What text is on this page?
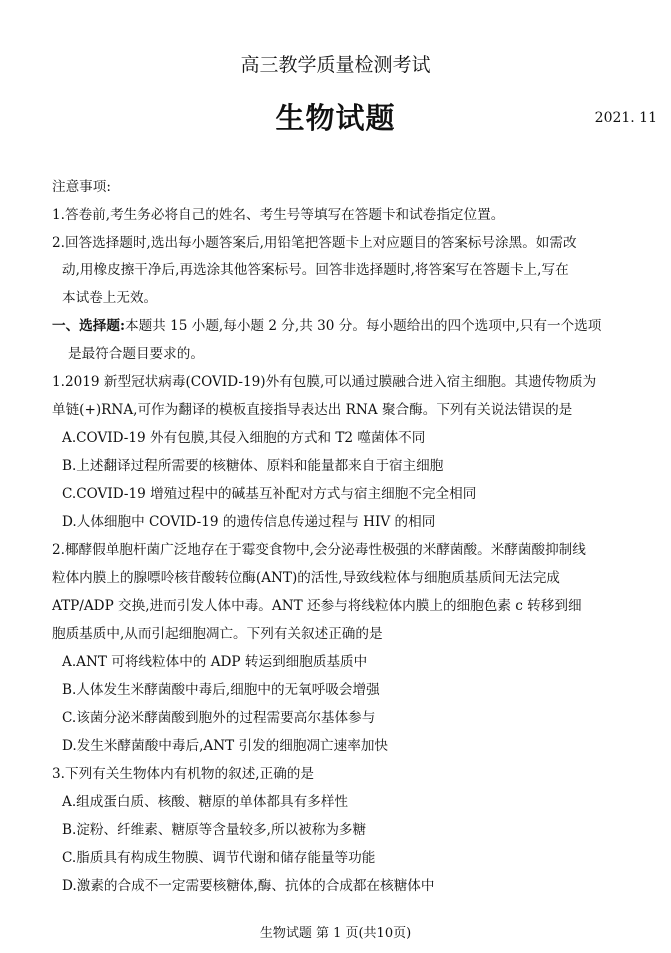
高三教学质量检测考试
生物试题	2021. 11
注意事项:
1.答卷前,考生务必将自己的姓名、考生号等填写在答题卡和试卷指定位置。
2.回答选择题时,选出每小题答案后,用铅笔把答题卡上对应题目的答案标号涂黑。如需改
动,用橡皮擦干净后,再选涂其他答案标号。回答非选择题时,将答案写在答题卡上,写在
本试卷上无效。
一、选择题:本题共 15 小题,每小题 2 分,共 30 分。每小题给出的四个选项中,只有一个选项
是最符合题目要求的。
1.2019 新型冠状病毒(COVID-19)外有包膜,可以通过膜融合进入宿主细胞。其遗传物质为
单链(+)RNA,可作为翻译的模板直接指导表达出 RNA 聚合酶。下列有关说法错误的是
A.COVID-19 外有包膜,其侵入细胞的方式和 T2 噬菌体不同
B.上述翻译过程所需要的核糖体、原料和能量都来自于宿主细胞
C.COVID-19 增殖过程中的碱基互补配对方式与宿主细胞不完全相同
D.人体细胞中 COVID-19 的遗传信息传递过程与 HIV 的相同
2.椰酵假单胞杆菌广泛地存在于霉变食物中,会分泌毒性极强的米酵菌酸。米酵菌酸抑制线
粒体内膜上的腺嘌呤核苷酸转位酶(ANT)的活性,导致线粒体与细胞质基质间无法完成
ATP/ADP 交换,进而引发人体中毒。ANT 还参与将线粒体内膜上的细胞色素 c 转移到细
胞质基质中,从而引起细胞凋亡。下列有关叙述正确的是
A.ANT 可将线粒体中的 ADP 转运到细胞质基质中
B.人体发生米酵菌酸中毒后,细胞中的无氧呼吸会增强
C.该菌分泌米酵菌酸到胞外的过程需要高尔基体参与
D.发生米酵菌酸中毒后,ANT 引发的细胞凋亡速率加快
3.下列有关生物体内有机物的叙述,正确的是
A.组成蛋白质、核酸、糖原的单体都具有多样性
B.淀粉、纤维素、糖原等含量较多,所以被称为多糖
C.脂质具有构成生物膜、调节代谢和储存能量等功能
D.激素的合成不一定需要核糖体,酶、抗体的合成都在核糖体中
生物试题 第 1 页(共10页)
